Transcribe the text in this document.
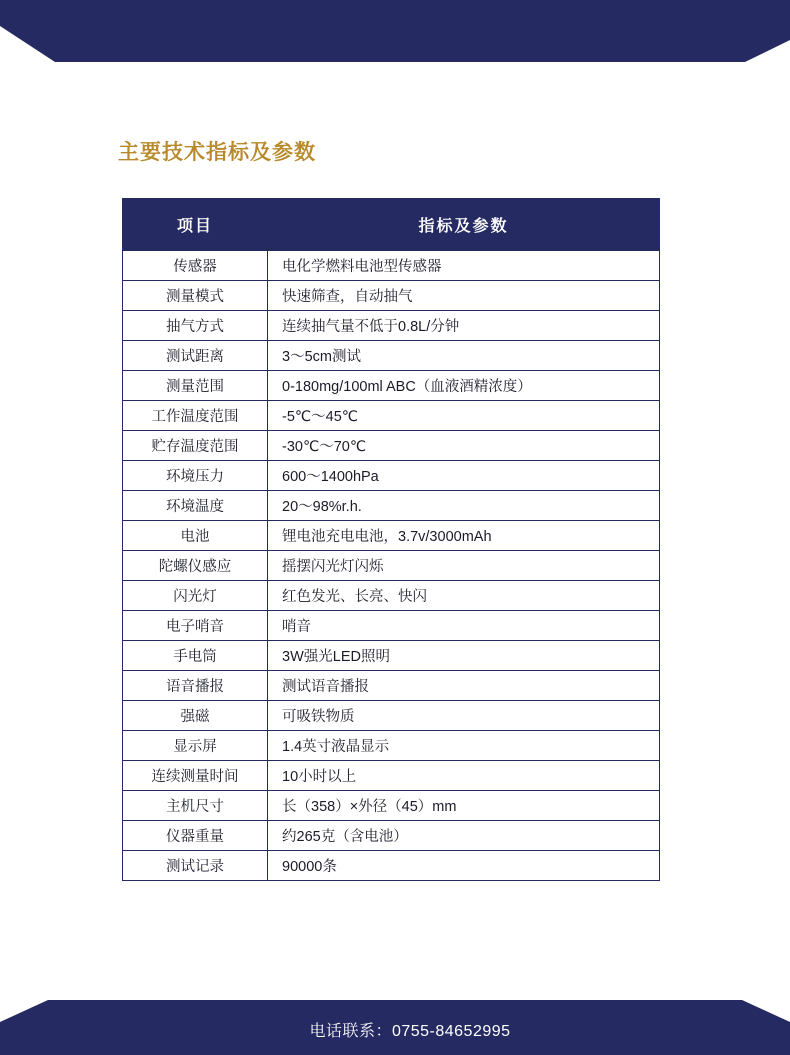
主要技术指标及参数
项目	指标及参数
传感器	电化学燃料电池型传感器
测量模式	快速筛查，自动抽气
抽气方式	连续抽气量不低于0.8L/分钟
测试距离	3～5cm测试
测量范围	0-180mg/100ml ABC（血液酒精浓度）
工作温度范围	-5℃～45℃
贮存温度范围	-30℃～70℃
环境压力	600～1400hPa
环境温度	20～98%r.h.
电池	锂电池充电电池，3.7v/3000mAh
陀螺仪感应	摇摆闪光灯闪烁
闪光灯	红色发光、长亮、快闪
电子哨音	哨音
手电筒	3W强光LED照明
语音播报	测试语音播报
强磁	可吸铁物质
显示屏	1.4英寸液晶显示
连续测量时间	10小时以上
主机尺寸	长（358）×外径（45）mm
仪器重量	约265克（含电池）
测试记录	90000条
电话联系：0755-84652995
